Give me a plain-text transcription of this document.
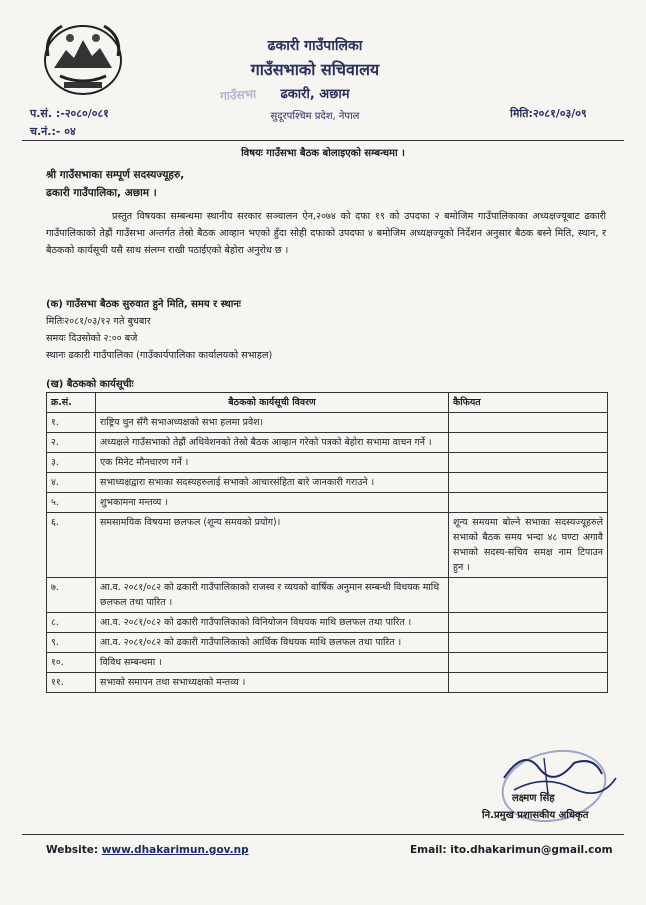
ढकारी गाउँपालिका
गाउँसभाको सचिवालय
ढकारी, अछाम
सुदूरपश्चिम प्रदेश, नेपाल
गाउँसभा
प.सं. :-२०८०/०८१
च.नं.:- ०४
मिति:२०८१/०३/०९
विषयः गाउँसभा बैठक बोलाइएको सम्बन्धमा ।
श्री गाउँसभाका सम्पूर्ण सदस्यज्यूहरु,
ढकारी गाउँपालिका, अछाम ।
प्रस्तुत विषयका सम्बन्धमा स्थानीय सरकार सञ्चालन ऐन,२०७४ को दफा १९ को उपदफा २ बमोजिम गाउँपालिकाका अध्यक्षज्यूबाट ढकारी गाउँपालिकाको तेह्रौं गाउँसभा अन्तर्गत तेस्रो बैठक आव्हान भएको हुँदा सोही दफाको उपदफा ४ बमोजिम अध्यक्षज्यूको निर्देशन अनुसार बैठक बस्ने मिति, स्थान, र बैठकको कार्यसूची यसै साथ संलग्न राखी पठाईएको बेहोरा अनुरोध छ ।
(क) गाउँसभा बैठक सुरुवात हुने मिति, समय र स्थानः
मितिः२०८१/०३/१२ गते बुधबार
समयः दिउसोको २:०० बजे
स्थानः ढकारी गाउँपालिका (गाउँकार्यपालिका कार्यालयको सभाहल)
(ख) बैठकको कार्यसूचीः
क्र.सं.	बैठकको कार्यसूची विवरण	कैफियत
१.	राष्ट्रिय धुन सँगै सभाअध्यक्षको सभा हलमा प्रवेश।	
२.	अध्यक्षले गाउँसभाको तेह्रौं अधिवेशनको तेस्रो बैठक आव्हान गरेको पत्रको बेहोरा सभामा वाचन गर्ने ।	
३.	एक मिनेट मौनधारण गर्ने ।	
४.	सभाध्यक्षद्वारा सभाका सदस्यहरुलाई सभाको आचारसंहिता बारे जानकारी गराउने ।	
५.	शुभकामना मन्तव्य ।	
६.	समसामयिक विषयमा छलफल (शून्य समयको प्रयोग)।	शून्य समयमा बोल्ने सभाका सदस्यज्यूहरुले सभाको बैठक समय भन्दा ४८ घण्टा अगावै सभाको सदस्य-सचिव समक्ष नाम टिपाउन हुन ।
७.	आ.व. २०८१/०८२ को ढकारी गाउँपालिकाको राजस्व र व्ययको वार्षिक अनुमान सम्बन्धी विधयक माथि छलफल तथा पारित ।	
८.	आ.व. २०८१/०८२ को ढकारी गाउँपालिकाको विनियोजन विधयक माथि छलफल तथा पारित ।	
९.	आ.व. २०८१/०८२ को ढकारी गाउँपालिकाको आर्थिक विधयक माथि छलफल तथा पारित ।	
१०.	विविध सम्बन्धमा ।	
११.	सभाको समापन तथा सभाध्यक्षको मन्तव्य ।	
लक्ष्मण सिंह
नि.प्रमुख प्रशासकीय अधिकृत
Website: www.dhakarimun.gov.np	Email: ito.dhakarimun@gmail.com
